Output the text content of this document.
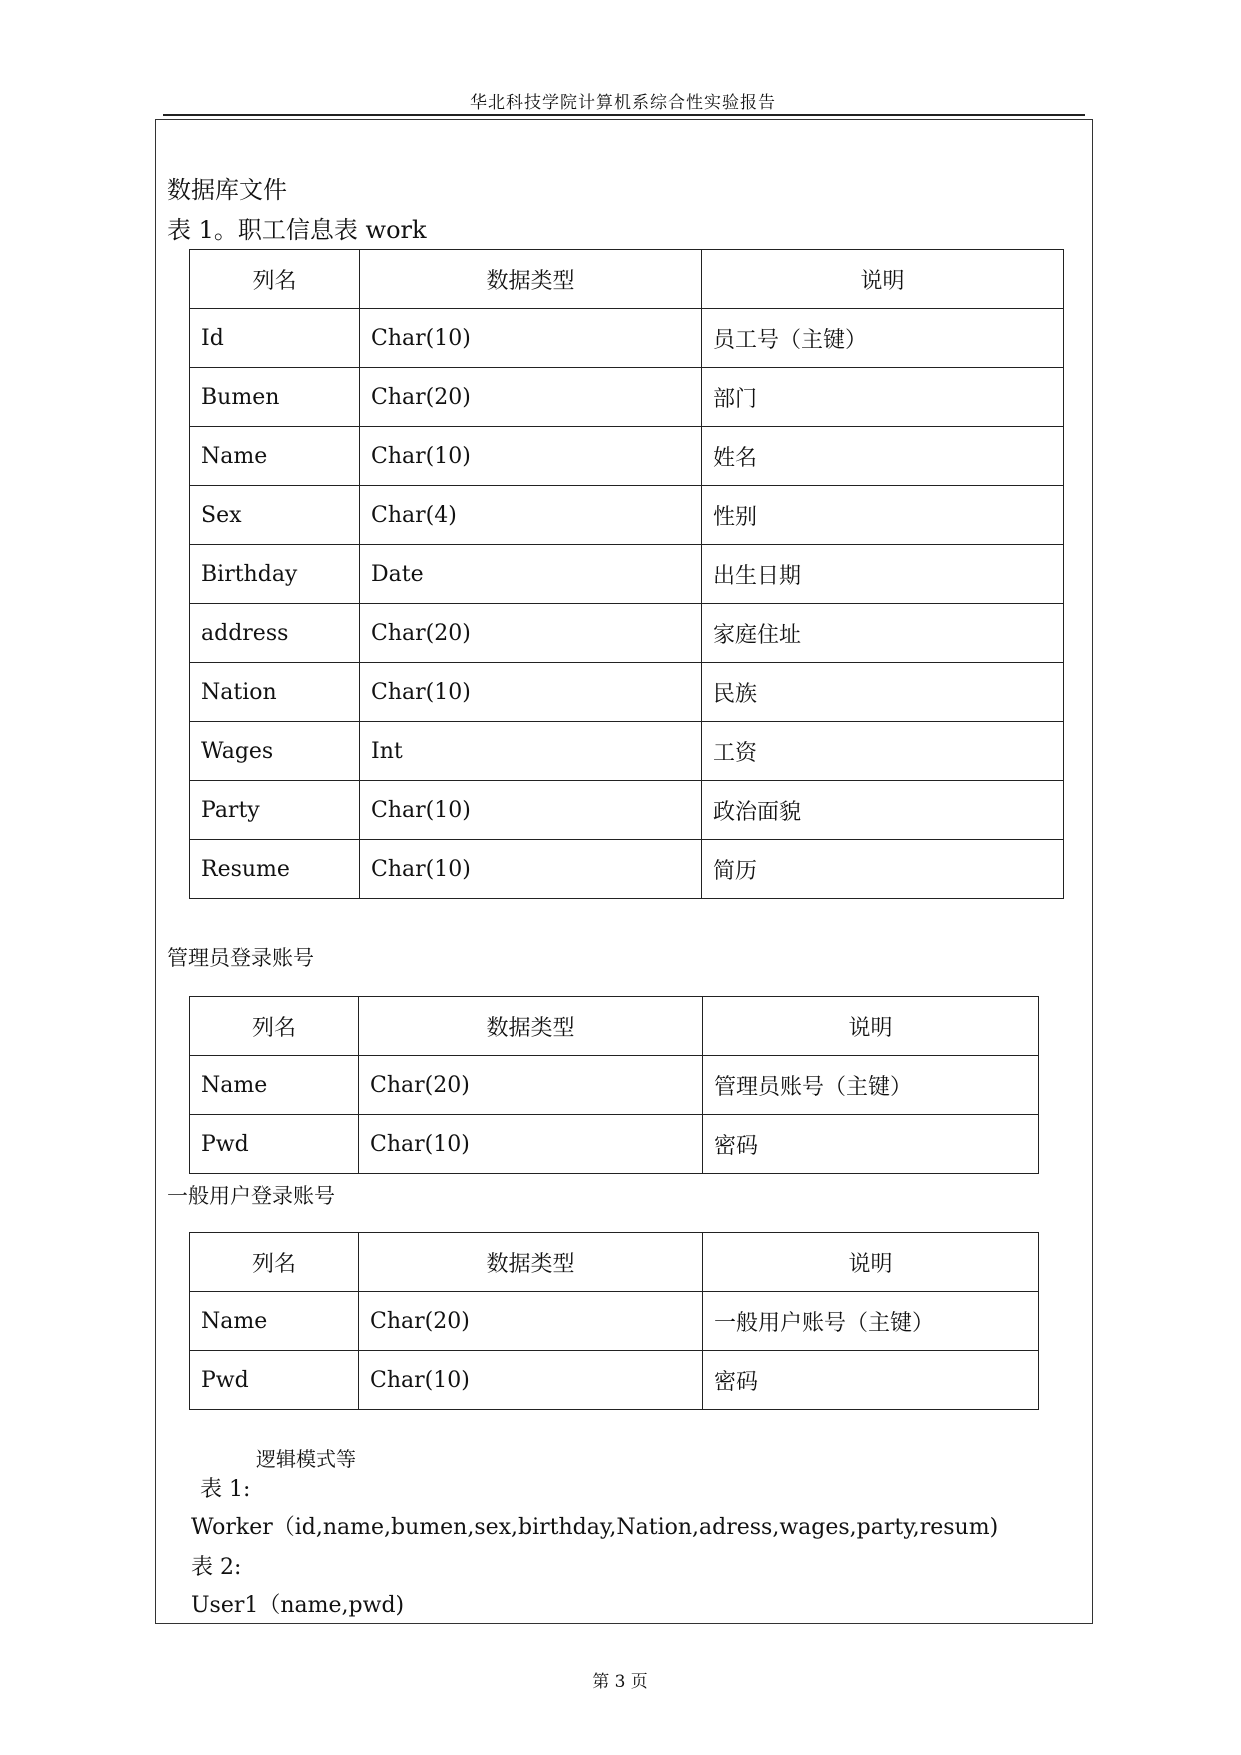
华北科技学院计算机系综合性实验报告
数据库文件
表 1。职工信息表 work
列名	数据类型	说明
Id	Char(10)	员工号（主键）
Bumen	Char(20)	部门
Name	Char(10)	姓名
Sex	Char(4)	性别
Birthday	Date	出生日期
address	Char(20)	家庭住址
Nation	Char(10)	民族
Wages	Int	工资
Party	Char(10)	政治面貌
Resume	Char(10)	简历
管理员登录账号
列名	数据类型	说明
Name	Char(20)	管理员账号（主键）
Pwd	Char(10)	密码
一般用户登录账号
列名	数据类型	说明
Name	Char(20)	一般用户账号（主键）
Pwd	Char(10)	密码
逻辑模式等
表 1:
Worker（id,name,bumen,sex,birthday,Nation,adress,wages,party,resum)
表 2:
User1（name,pwd)
第 3 页
